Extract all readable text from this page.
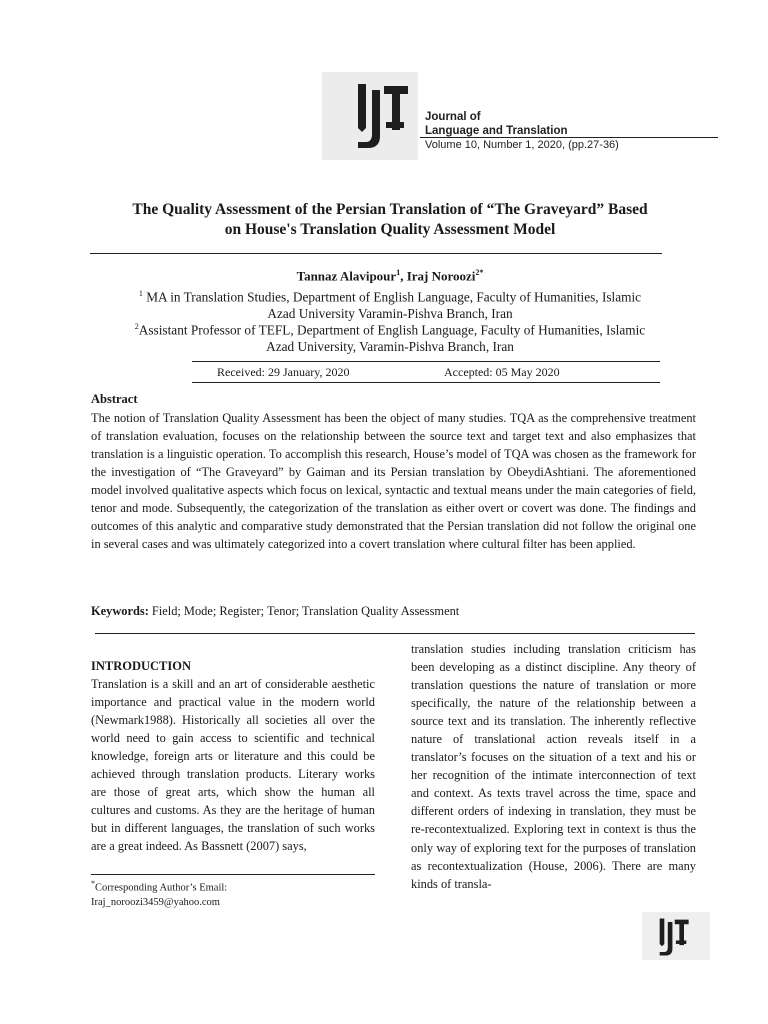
Journal of
Language and Translation
Volume 10, Number 1, 2020, (pp.27-36)
The Quality Assessment of the Persian Translation of “The Graveyard” Based
on House's Translation Quality Assessment Model
Tannaz Alavipour$^1$, Iraj Noroozi$^{2*}$
$^1$ MA in Translation Studies, Department of English Language, Faculty of Humanities, Islamic
Azad University Varamin-Pishva Branch, Iran
$^2$Assistant Professor of TEFL, Department of English Language, Faculty of Humanities, Islamic
Azad University, Varamin-Pishva Branch, Iran
Received: 29 January, 2020	Accepted: 05 May 2020
Abstract
The notion of Translation Quality Assessment has been the object of many studies. TQA as the comprehensive treatment of translation evaluation, focuses on the relationship between the source text and target text and also emphasizes that translation is a linguistic operation. To accomplish this research, House’s model of TQA was chosen as the framework for the investigation of “The Graveyard” by Gaiman and its Persian translation by ObeydiAshtiani. The aforementioned model involved qualitative aspects which focus on lexical, syntactic and textual means under the main categories of field, tenor and mode. Subsequently, the categorization of the translation as either overt or covert was done. The findings and outcomes of this analytic and comparative study demonstrated that the Persian translation did not follow the original one in several cases and was ultimately categorized into a covert translation where cultural filter has been applied.
Keywords: Field; Mode; Register; Tenor; Translation Quality Assessment
INTRODUCTION
Translation is a skill and an art of considerable aesthetic importance and practical value in the modern world (Newmark1988). Historically all societies all over the world need to gain access to scientific and technical knowledge, foreign arts or literature and this could be achieved through translation products. Literary works are those of great arts, which show the human all cultures and customs. As they are the heritage of human but in different languages, the translation of such works are a great indeed. As Bassnett (2007) says,
translation studies including translation criticism has been developing as a distinct discipline. Any theory of translation questions the nature of translation or more specifically, the nature of the relationship between a source text and its translation. The inherently reflective nature of translational action reveals itself in a translator’s focuses on the situation of a text and his or her recognition of the intimate interconnection of text and context. As texts travel across the time, space and different orders of indexing in translation, they must be re-recontextualized. Exploring text in context is thus the only way of exploring text for the purposes of translation as recontextualization (House, 2006). There are many kinds of transla-
*Corresponding Author’s Email:
Iraj_noroozi3459@yahoo.com
